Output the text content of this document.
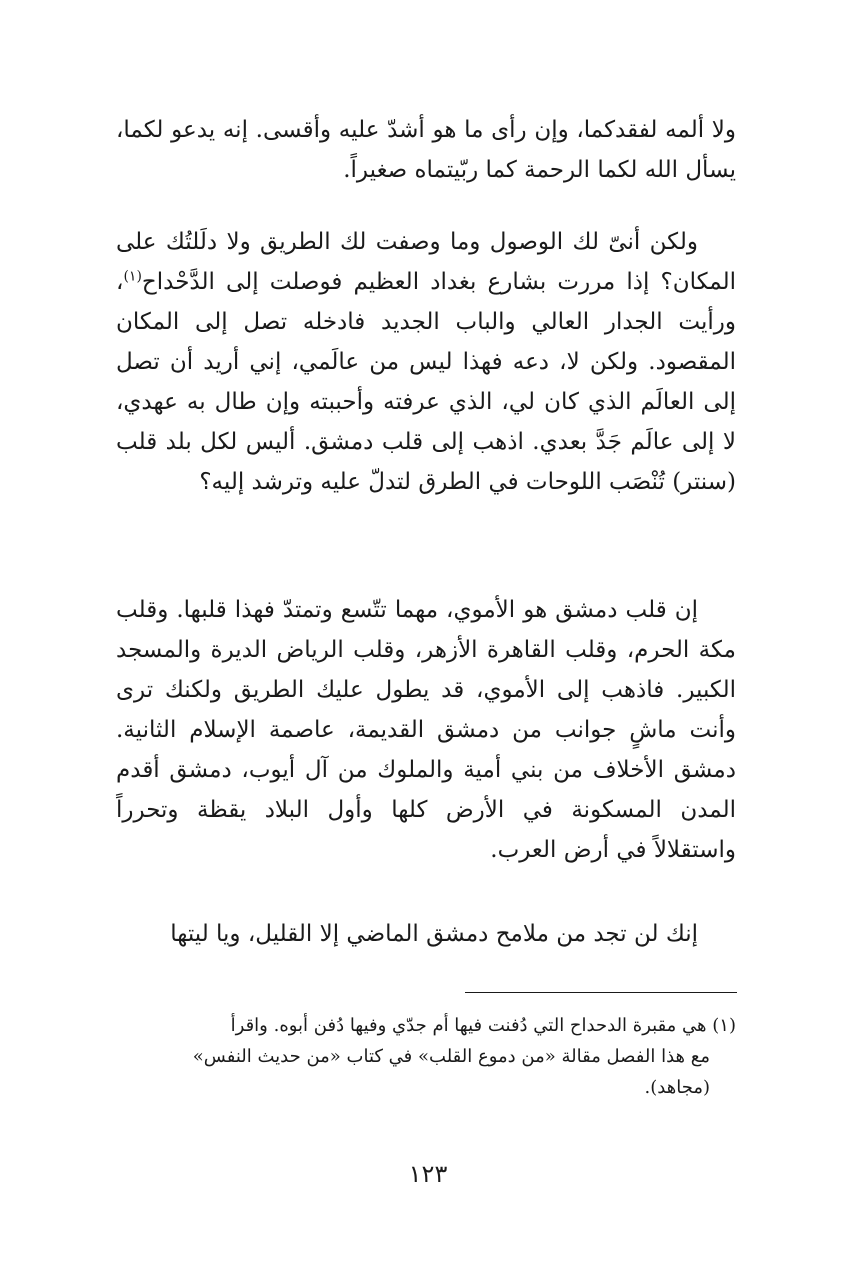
ولا ألمه لفقدكما، وإن رأى ما هو أشدّ عليه وأقسى. إنه يدعو لكما، يسأل الله لكما الرحمة كما ربّيتماه صغيراً.

ولكن أنىّ لك الوصول وما وصفت لك الطريق ولا دلَلتُك على المكان؟ إذا مررت بشارع بغداد العظيم فوصلت إلى الدَّحْداح$^{(١)}$، ورأيت الجدار العالي والباب الجديد فادخله تصل إلى المكان المقصود. ولكن لا، دعه فهذا ليس من عالَمي، إني أريد أن تصل إلى العالَم الذي كان لي، الذي عرفته وأحببته وإن طال به عهدي، لا إلى عالَم جَدَّ بعدي. اذهب إلى قلب دمشق. أليس لكل بلد قلب (سنتر) تُنْصَب اللوحات في الطرق لتدلّ عليه وترشد إليه؟

إن قلب دمشق هو الأموي، مهما تتّسع وتمتدّ فهذا قلبها. وقلب مكة الحرم، وقلب القاهرة الأزهر، وقلب الرياض الديرة والمسجد الكبير. فاذهب إلى الأموي، قد يطول عليك الطريق ولكنك ترى وأنت ماشٍ جوانب من دمشق القديمة، عاصمة الإسلام الثانية. دمشق الأخلاف من بني أمية والملوك من آل أيوب، دمشق أقدم المدن المسكونة في الأرض كلها وأول البلاد يقظة وتحرراً واستقلالاً في أرض العرب.

إنك لن تجد من ملامح دمشق الماضي إلا القليل، ويا ليتها

(١) هي مقبرة الدحداح التي دُفنت فيها أم جدّي وفيها دُفن أبوه. واقرأ
مع هذا الفصل مقالة «من دموع القلب» في كتاب «من حديث النفس»
(مجاهد).
١٢٣
